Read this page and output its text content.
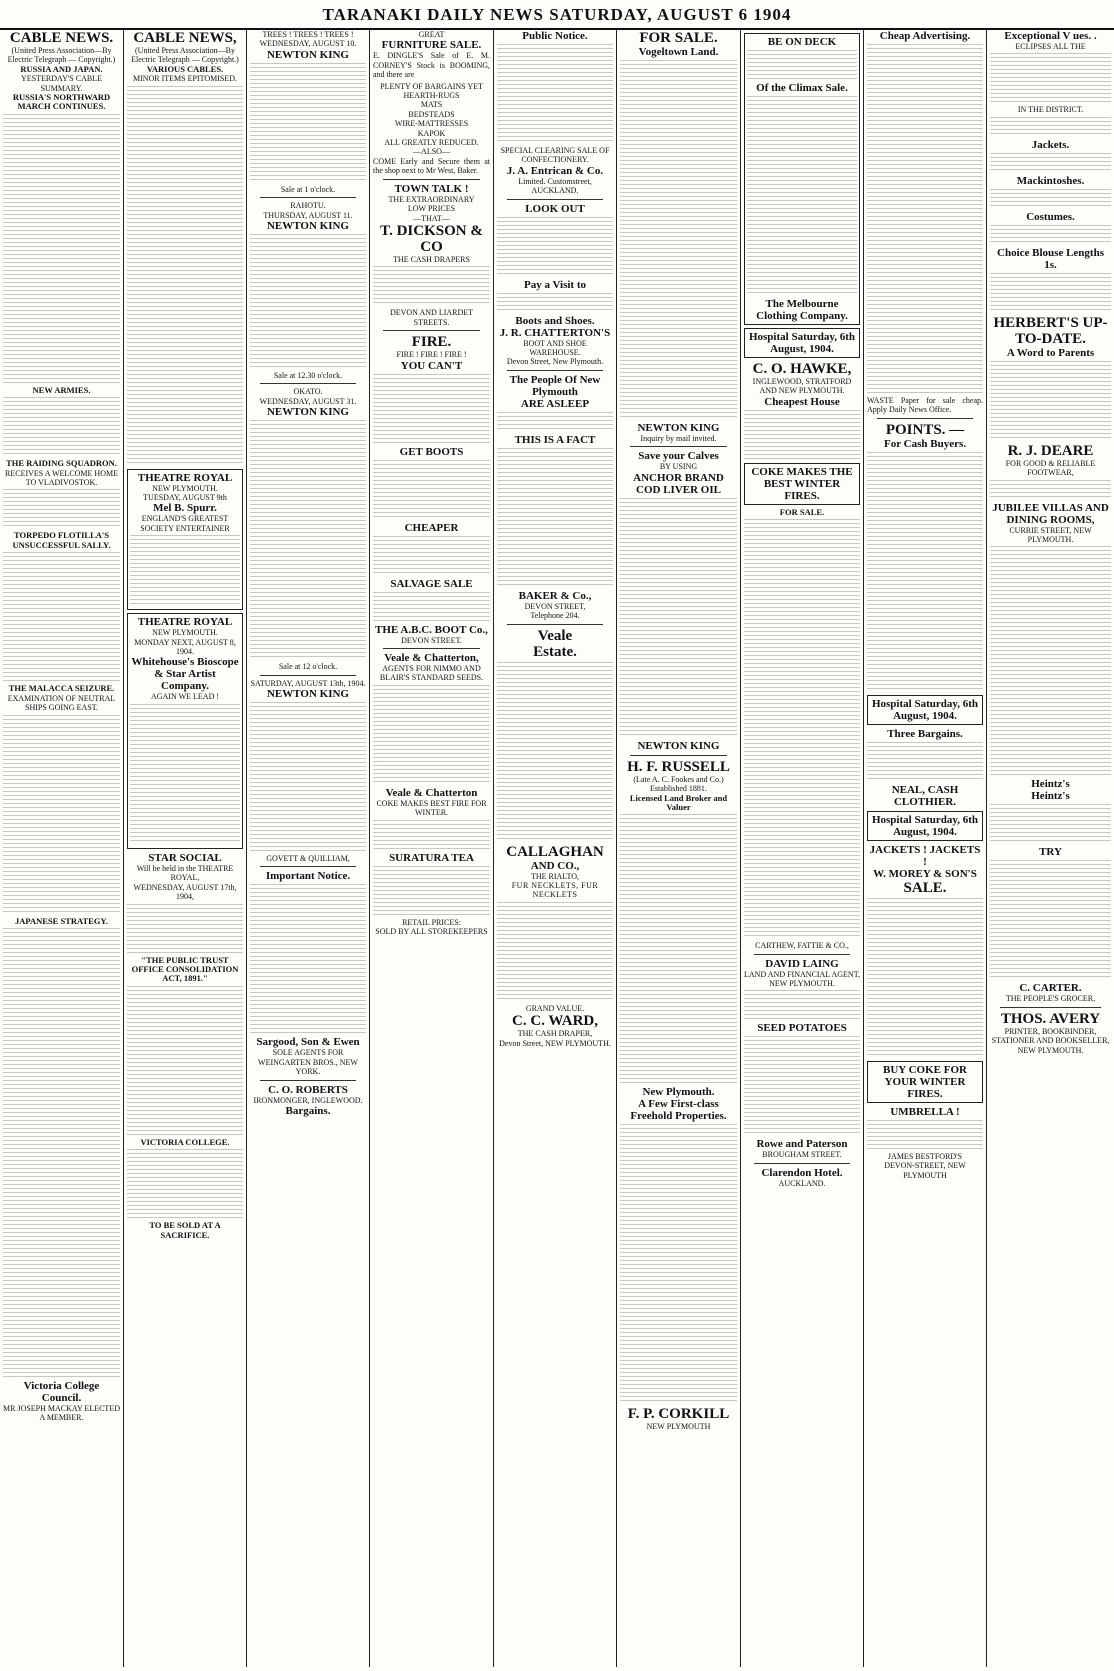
TARANAKI DAILY NEWS SATURDAY, AUGUST 6 1904
CABLE NEWS.
(United Press Association—By Electric Telegraph — Copyright.)
RUSSIA AND JAPAN.
YESTERDAY'S CABLE SUMMARY.
RUSSIA'S NORTHWARD MARCH CONTINUES.
NEW ARMIES.
THE RAIDING SQUADRON.
RECEIVES A WELCOME HOME TO VLADIVOSTOK.
TORPEDO FLOTILLA'S UNSUCCESSFUL SALLY.
THE MALACCA SEIZURE.
EXAMINATION OF NEUTRAL SHIPS GOING EAST.
JAPANESE STRATEGY.
Victoria College Council.
MR JOSEPH MACKAY ELECTED A MEMBER.
CABLE NEWS,
(United Press Association—By Electric Telegraph — Copyright.)
VARIOUS CABLES.
MINOR ITEMS EPITOMISED.
THEATRE ROYAL
NEW PLYMOUTH.
TUESDAY, AUGUST 9th
Mel B. Spurr.
ENGLAND'S GREATEST SOCIETY ENTERTAINER
THEATRE ROYAL
NEW PLYMOUTH.
MONDAY NEXT, AUGUST 8, 1904.
Whitehouse's Bioscope & Star Artist Company.
AGAIN WE LEAD !
STAR SOCIAL
Will be held in the THEATRE ROYAL,
WEDNESDAY, AUGUST 17th, 1904,
"THE PUBLIC TRUST OFFICE CONSOLIDATION ACT, 1891."
VICTORIA COLLEGE.
TO BE SOLD AT A SACRIFICE.
TREES ! TREES ! TREES !
WEDNESDAY, AUGUST 10.
NEWTON KING
Sale at 1 o'clock.
RAHOTU.
THURSDAY, AUGUST 11.
NEWTON KING
Sale at 12.30 o'clock.
OKATO.
WEDNESDAY, AUGUST 31.
NEWTON KING
Sale at 12 o'clock.
SATURDAY, AUGUST 13th, 1904.
NEWTON KING
GOVETT & QUILLIAM,
Important Notice.
Sargood, Son & Ewen
SOLE AGENTS FOR WEINGARTEN BROS., NEW YORK.
C. O. ROBERTS
IRONMONGER, INGLEWOOD.
Bargains.
GREAT
FURNITURE SALE.
E. DINGLE'S Sale of E. M. CORNEY'S Stock is BOOMING, and there are
PLENTY OF BARGAINS YET
HEARTH-RUGS
MATS
BEDSTEADS
WIRE-MATTRESSES
KAPOK
ALL GREATLY REDUCED.
—ALSO—
COME Early and Secure them at the shop next to Mr West, Baker.
TOWN TALK !
THE EXTRAORDINARY
LOW PRICES
—THAT—
T. DICKSON & CO
THE CASH DRAPERS
DEVON AND LIARDET STREETS.
FIRE.
FIRE ! FIRE ! FIRE !
YOU CAN'T
GET BOOTS
CHEAPER
SALVAGE SALE
THE A.B.C. BOOT Co.,
DEVON STREET.
Veale & Chatterton,
AGENTS FOR NIMMO AND BLAIR'S STANDARD SEEDS.
Veale & Chatterton
COKE MAKES BEST FIRE FOR WINTER.
SURATURA TEA
RETAIL PRICES:
SOLD BY ALL STOREKEEPERS
Public Notice.
SPECIAL CLEARING SALE OF CONFECTIONERY.
J. A. Entrican & Co.
Limited. Customstreet, AUCKLAND.
LOOK OUT
Pay a Visit to
Boots and Shoes.
J. R. CHATTERTON'S
BOOT AND SHOE WAREHOUSE.
Devon Street, New Plymouth.
The People Of New Plymouth
ARE ASLEEP
THIS IS A FACT
BAKER & Co.,
DEVON STREET,
Telephone 204.
Veale
Estate.
CALLAGHAN
AND CO.,
THE RIALTO,
FUR NECKLETS, FUR NECKLETS
GRAND VALUE.
C. C. WARD,
THE CASH DRAPER,
Devon Street, NEW PLYMOUTH.
FOR SALE.
Vogeltown Land.
NEWTON KING
Inquiry by mail invited.
Save your Calves
BY USING
ANCHOR BRAND COD LIVER OIL
NEWTON KING
H. F. RUSSELL
(Late A. C. Fookes and Co.)
Established 1881.
Licensed Land Broker and Valuer
New Plymouth.
A Few First-class Freehold Properties.
F. P. CORKILL
NEW PLYMOUTH
BE ON DECK
Of the Climax Sale.
The Melbourne Clothing Company.
Hospital Saturday, 6th August, 1904.
C. O. HAWKE,
INGLEWOOD, STRATFORD AND NEW PLYMOUTH.
Cheapest House
COKE MAKES THE BEST WINTER FIRES.
FOR SALE.
CARTHEW, FATTIE & CO.,
DAVID LAING
LAND AND FINANCIAL AGENT, NEW PLYMOUTH.
SEED POTATOES
Rowe and Paterson
BROUGHAM STREET.
Clarendon Hotel.
AUCKLAND.
Cheap Advertising.
WASTE Paper for sale cheap. Apply Daily News Office.
POINTS. —
For Cash Buyers.
Hospital Saturday, 6th August, 1904.
Three Bargains.
NEAL, CASH CLOTHIER.
Hospital Saturday, 6th August, 1904.
JACKETS ! JACKETS !
W. MOREY & SON'S
SALE.
BUY COKE FOR YOUR WINTER FIRES.
UMBRELLA !
JAMES BESTFORD'S
DEVON-STREET, NEW PLYMOUTH
Exceptional V ues. .
ECLIPSES ALL THE
IN THE DISTRICT.
Jackets.
Mackintoshes.
Costumes.
Choice Blouse Lengths 1s.
HERBERT'S UP-TO-DATE.
A Word to Parents
R. J. DEARE
FOR GOOD & RELIABLE FOOTWEAR,
JUBILEE VILLAS AND DINING ROOMS,
CURRIE STREET, NEW PLYMOUTH.
Heintz's
Heintz's
TRY
C. CARTER.
THE PEOPLE'S GROCER,
THOS. AVERY
PRINTER, BOOKBINDER, STATIONER AND BOOKSELLER, NEW PLYMOUTH.
